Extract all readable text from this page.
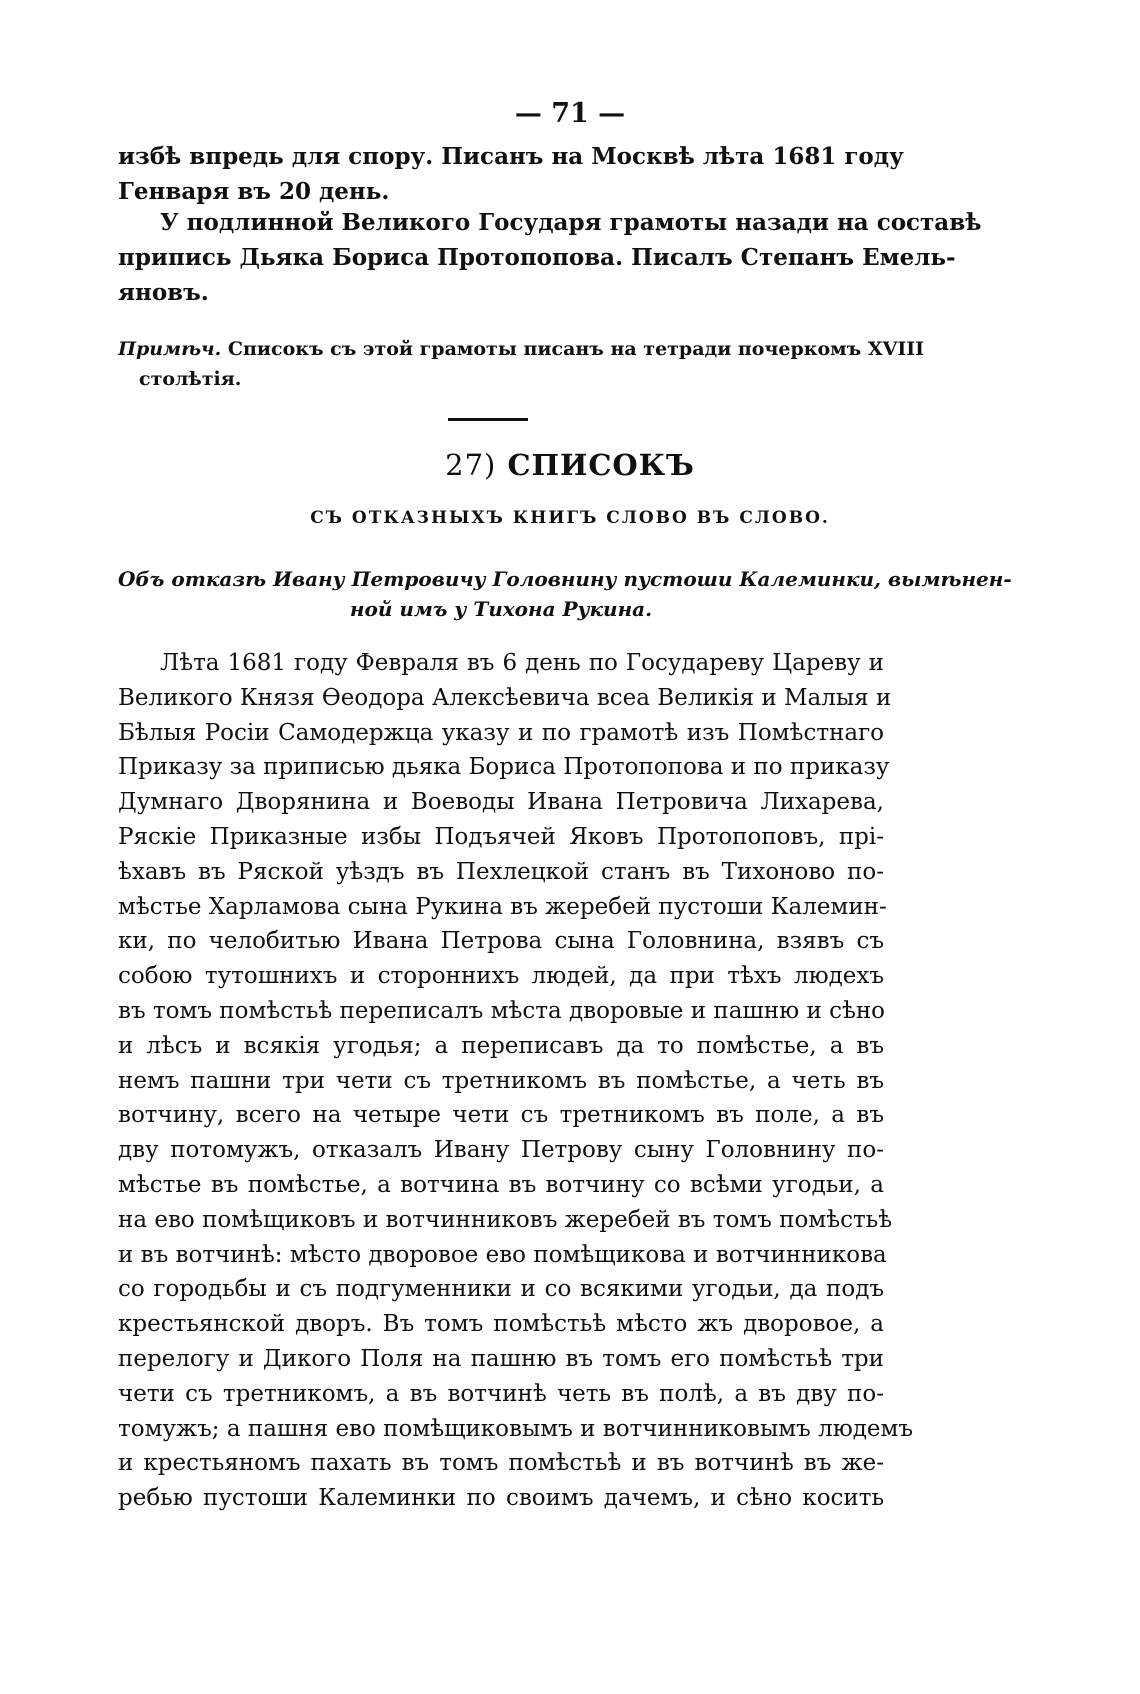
— 71 —
избѣ впредь для спору. Писанъ на Москвѣ лѣта 1681 году
Генваря въ 20 день.
У подлинной Великого Государя грамоты назади на составѣ
припись Дьяка Бориса Протопопова. Писалъ Степанъ Емель-
яновъ.
Примѣч. Списокъ съ этой грамоты писанъ на тетради почеркомъ XVIII
столѣтія.
27) СПИСОКЪ
СЪ ОТКАЗНЫХЪ КНИГЪ СЛОВО ВЪ СЛОВО.
Объ отказѣ Ивану Петровичу Головнину пустоши Калеминки, вымѣнен-
ной имъ у Тихона Рукина.
Лѣта 1681 году Февраля въ 6 день по Государеву Цареву и
Великого Князя Ѳеодора Алексѣевича всеа Великія и Малыя и
Бѣлыя Росіи Самодержца указу и по грамотѣ изъ Помѣстнаго
Приказу за приписью дьяка Бориса Протопопова и по приказу
Думнаго Дворянина и Воеводы Ивана Петровича Лихарева,
Ряскіе Приказные избы Подъячей Яковъ Протопоповъ, прі-
ѣхавъ въ Ряской уѣздъ въ Пехлецкой станъ въ Тихоново по-
мѣстье Харламова сына Рукина въ жеребей пустоши Калемин-
ки, по челобитью Ивана Петрова сына Головнина, взявъ съ
собою тутошнихъ и стороннихъ людей, да при тѣхъ людехъ
въ томъ помѣстьѣ переписалъ мѣста дворовые и пашню и сѣно
и лѣсъ и всякія угодья; а переписавъ да то помѣстье, а въ
немъ пашни три чети съ третникомъ въ помѣстье, а четь въ
вотчину, всего на четыре чети съ третникомъ въ поле, а въ
дву потомужъ, отказалъ Ивану Петрову сыну Головнину по-
мѣстье въ помѣстье, а вотчина въ вотчину со всѣми угодьи, а
на ево помѣщиковъ и вотчинниковъ жеребей въ томъ помѣстьѣ
и въ вотчинѣ: мѣсто дворовое ево помѣщикова и вотчинникова
со городьбы и съ подгуменники и со всякими угодьи, да подъ
крестьянской дворъ. Въ томъ помѣстьѣ мѣсто жъ дворовое, а
перелогу и Дикого Поля на пашню въ томъ его помѣстьѣ три
чети съ третникомъ, а въ вотчинѣ четь въ полѣ, а въ дву по-
томужъ; а пашня ево помѣщиковымъ и вотчинниковымъ людемъ
и крестьяномъ пахать въ томъ помѣстьѣ и въ вотчинѣ въ же-
ребью пустоши Калеминки по своимъ дачемъ, и сѣно косить
